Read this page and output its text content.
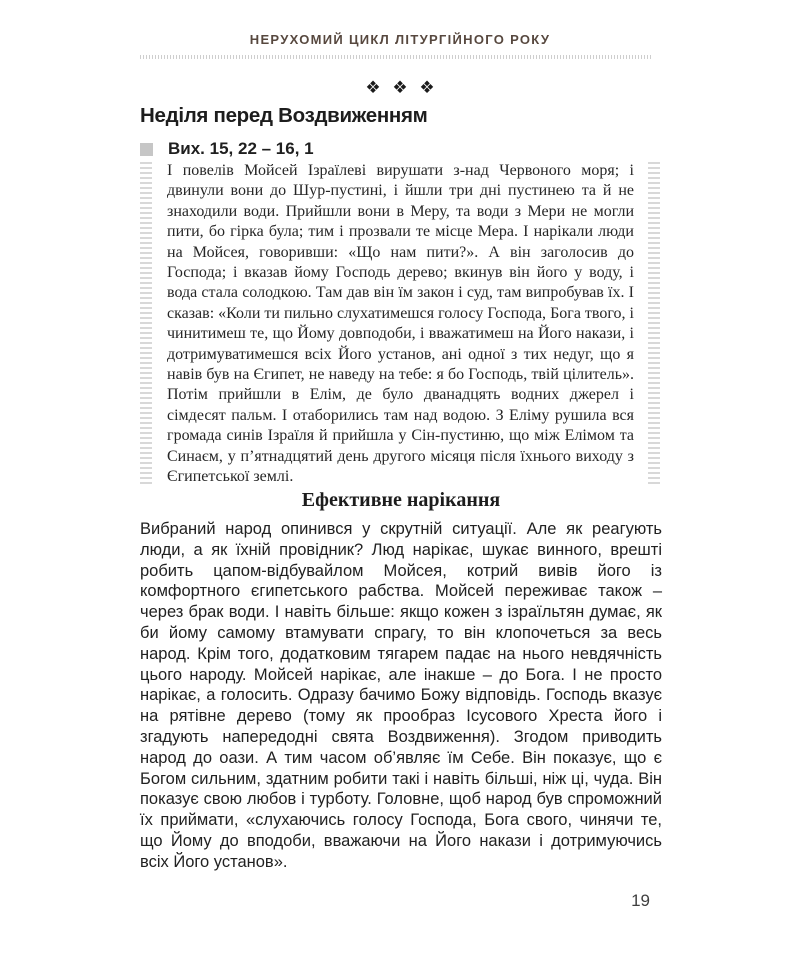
НЕРУХОМИЙ ЦИКЛ ЛІТУРГІЙНОГО РОКУ
❖ ❖ ❖
Неділя перед Воздвиженням
Вих. 15, 22 – 16, 1

І повелів Мойсей Ізраїлеві вирушати з-над Червоного моря; і двинули вони до Шур-пустині, і йшли три дні пустинею та й не знаходили води. Прийшли вони в Меру, та води з Мери не могли пити, бо гірка була; тим і прозвали те місце Мера. І нарікали люди на Мойсея, говоривши: «Що нам пити?». А він заголосив до Господа; і вказав йому Господь дерево; вкинув він його у воду, і вода стала солодкою. Там дав він їм закон і суд, там випробував їх. І сказав: «Коли ти пильно слухатимешся голосу Господа, Бога твого, і чинитимеш те, що Йому довподоби, і вважатимеш на Його накази, і дотримуватимешся всіх Його установ, ані одної з тих недуг, що я навів був на Єгипет, не наведу на тебе: я бо Господь, твій цілитель». Потім прийшли в Елім, де було дванадцять водних джерел і сімдесят пальм. І отаборились там над водою. З Еліму рушила вся громада синів Ізраїля й прийшла у Сін-пустиню, що між Елімом та Синаєм, у п’ятнадцятий день другого місяця після їхнього виходу з Єгипетської землі.

Ефективне нарікання

Вибраний народ опинився у скрутній ситуації. Але як реагують люди, а як їхній провідник? Люд нарікає, шукає винного, врешті робить цапом-відбувайлом Мойсея, котрий вивів його із комфортного єгипетського рабства. Мойсей переживає також – через брак води. І навіть більше: якщо кожен з ізраїльтян думає, як би йому самому втамувати спрагу, то він клопочеться за весь народ. Крім того, додатковим тягарем падає на нього невдячність цього народу. Мойсей нарікає, але інакше – до Бога. І не просто нарікає, а голосить. Одразу бачимо Божу відповідь. Господь вказує на рятівне дерево (тому як прообраз Ісусового Хреста його і згадують напередодні свята Воздвиження). Згодом приводить народ до оази. А тим часом об’являє їм Себе. Він показує, що є Богом сильним, здатним робити такі і навіть більші, ніж ці, чуда. Він показує свою любов і турботу. Головне, щоб народ був спроможний їх приймати, «слухаючись голосу Господа, Бога свого, чинячи те, що Йому до вподоби, вважаючи на Його накази і дотримуючись всіх Його установ».

19
